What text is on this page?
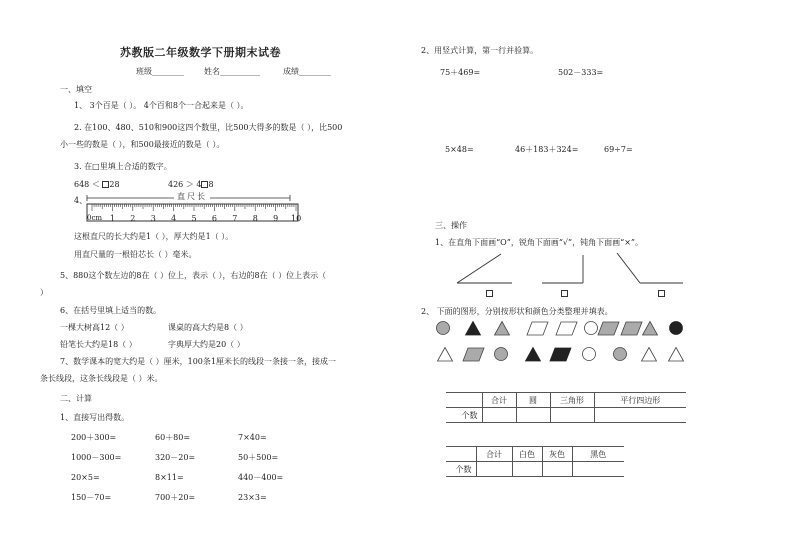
苏教版二年级数学下册期末试卷
班级________	姓名__________	成绩________
一、填空
1、 3个百是（ ）。 4个百和8个一合起来是（ ）。
2. 在100、480、510和900这四个数里，比500大得多的数是（ ），比500
小一些的数是（ ），和500最接近的数是（ ）。
3. 在□里填上合适的数字。
648 ＜ 28	426 ＞ 4 8
4、	直尺长
0cm 1 2 3 4 5 6 7 8 9 10
这根直尺的长大约是1（ ），厚大约是1（ ）。
用直尺量的一根铅芯长（ ）毫米。
5、880这个数左边的8在（ ）位上，表示（ ），右边的8在（ ）位上表示（
）
6、在括号里填上适当的数。
一棵大树高12（ ）	课桌的高大约是8（ ）
铅笔长大约是18（ ）	字典厚大约是20（ ）
7、数学课本的宽大约是（ ）厘米，100条1厘米长的线段一条接一条，接成一
条长线段，这条长线段是（ ）米。
二、计算
1、直接写出得数。
200＋300=	60＋80=	7×40=
1000－300=	320－20=	50＋500=
20×5=	8×11=	440－400=
150－70=	700＋20=	23×3=
2、用竖式计算，第一行并验算。
75＋469=	502－333=
5×48=	46＋183＋324=	69÷7=
三、操作
1、在直角下面画“O”，锐角下面画“√”，钝角下面画“×”。
2、 下面的图形，分别按形状和颜色分类整理并填表。
	合计	圆	三角形	平行四边形
个数				
	合计	白色	灰色	黑色
个数				
